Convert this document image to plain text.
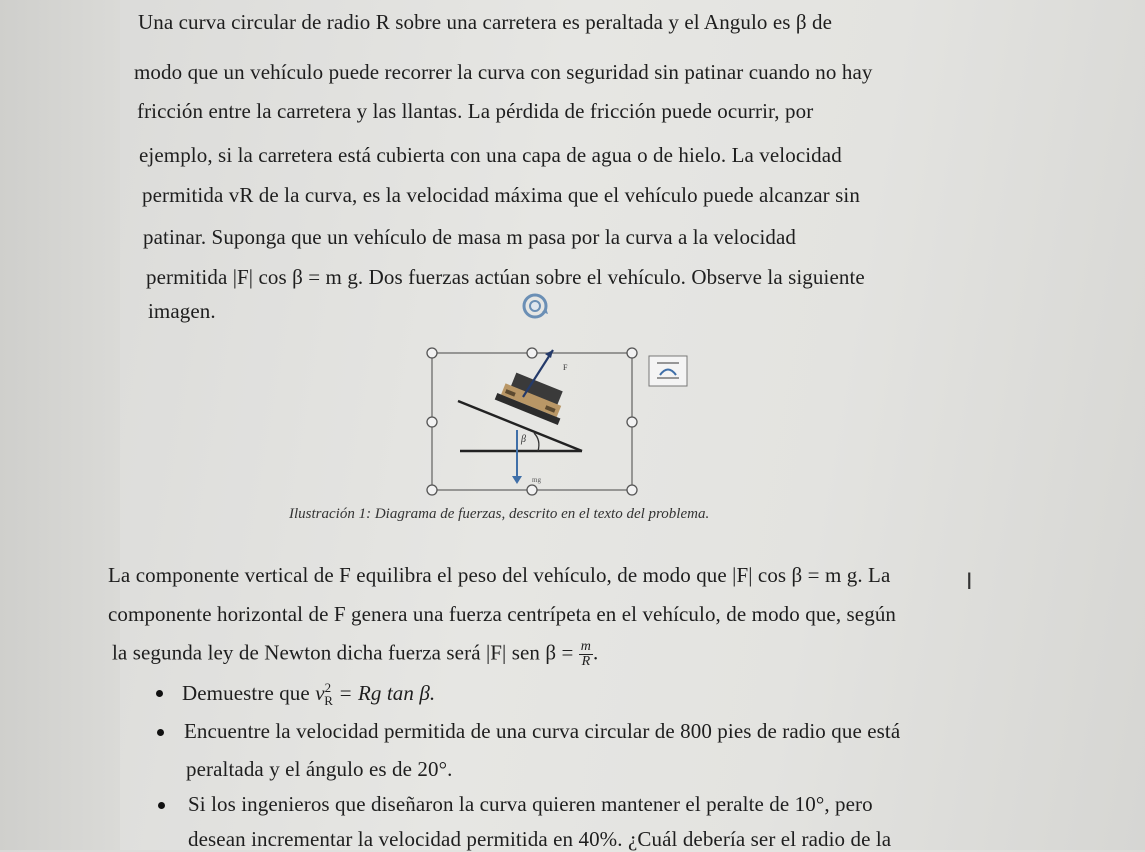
Una curva circular de radio R sobre una carretera es peraltada y el Angulo es β de
modo que un vehículo puede recorrer la curva con seguridad sin patinar cuando no hay
fricción entre la carretera y las llantas. La pérdida de fricción puede ocurrir, por
ejemplo, si la carretera está cubierta con una capa de agua o de hielo. La velocidad
permitida vR de la curva, es la velocidad máxima que el vehículo puede alcanzar sin
patinar. Suponga que un vehículo de masa m pasa por la curva a la velocidad
permitida |F| cos β = m g. Dos fuerzas actúan sobre el vehículo. Observe la siguiente
imagen.
β
F
mg
Ilustración 1: Diagrama de fuerzas, descrito en el texto del problema.
La componente vertical de F equilibra el peso del vehículo, de modo que |F| cos β = m g. La
componente horizontal de F genera una fuerza centrípeta en el vehículo, de modo que, según
la segunda ley de Newton dicha fuerza será |F| sen $\beta = \frac{m}{R}$ .
I
Demuestre que $v^2_R = Rg$ tan β.
Encuentre la velocidad permitida de una curva circular de 800 pies de radio que está
peraltada y el ángulo es de 20°.
Si los ingenieros que diseñaron la curva quieren mantener el peralte de 10°, pero
desean incrementar la velocidad permitida en 40%. ¿Cuál debería ser el radio de la
